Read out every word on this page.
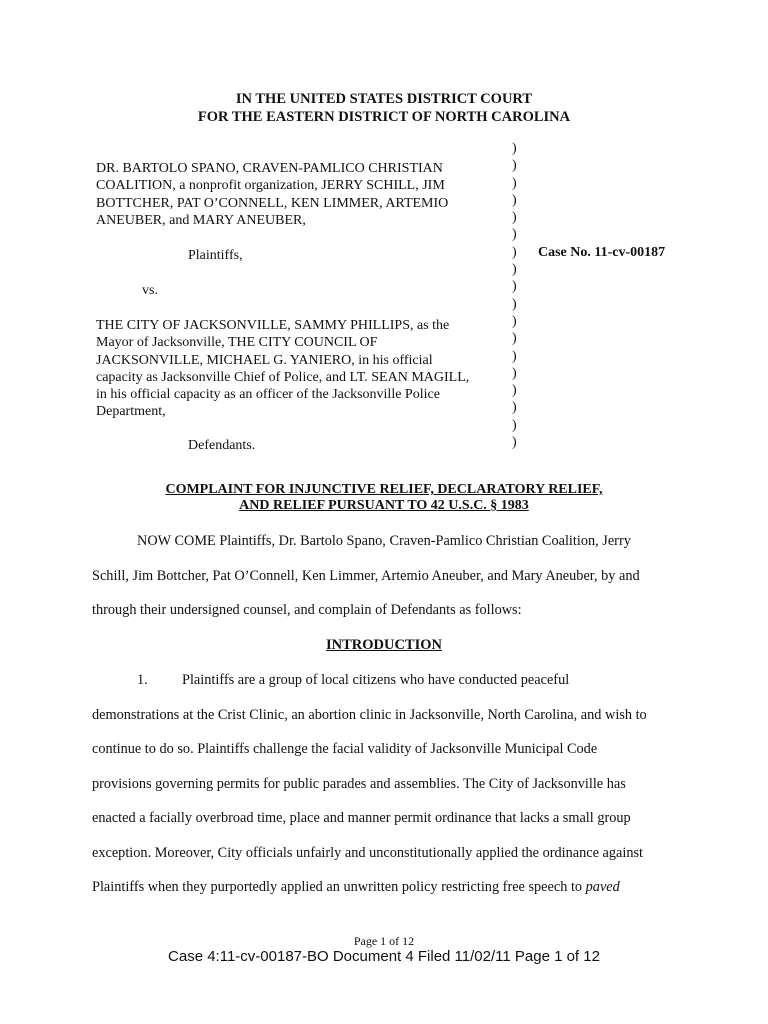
IN THE UNITED STATES DISTRICT COURT
FOR THE EASTERN DISTRICT OF NORTH CAROLINA
DR. BARTOLO SPANO, CRAVEN-PAMLICO CHRISTIAN
COALITION, a nonprofit organization, JERRY SCHILL, JIM
BOTTCHER, PAT O’CONNELL, KEN LIMMER, ARTEMIO
ANEUBER, and MARY ANEUBER,
Plaintiffs,
vs.
THE CITY OF JACKSONVILLE, SAMMY PHILLIPS, as the
Mayor of Jacksonville, THE CITY COUNCIL OF
JACKSONVILLE, MICHAEL G. YANIERO, in his official
capacity as Jacksonville Chief of Police, and LT. SEAN MAGILL,
in his official capacity as an officer of the Jacksonville Police
Department,
Defendants.
)
)
)
)
)
)
)
)
)
)
)
)
)
)
)
)
)
)
Case No. 11-cv-00187
COMPLAINT FOR INJUNCTIVE RELIEF, DECLARATORY RELIEF,
AND RELIEF PURSUANT TO 42 U.S.C. § 1983
NOW COME Plaintiffs, Dr. Bartolo Spano, Craven-Pamlico Christian Coalition, Jerry
Schill, Jim Bottcher, Pat O’Connell, Ken Limmer, Artemio Aneuber, and Mary Aneuber, by and
through their undersigned counsel, and complain of Defendants as follows:
INTRODUCTION
1.	Plaintiffs are a group of local citizens who have conducted peaceful
demonstrations at the Crist Clinic, an abortion clinic in Jacksonville, North Carolina, and wish to
continue to do so. Plaintiffs challenge the facial validity of Jacksonville Municipal Code
provisions governing permits for public parades and assemblies. The City of Jacksonville has
enacted a facially overbroad time, place and manner permit ordinance that lacks a small group
exception. Moreover, City officials unfairly and unconstitutionally applied the ordinance against
Plaintiffs when they purportedly applied an unwritten policy restricting free speech to paved
Page 1 of 12
Case 4:11-cv-00187-BO Document 4 Filed 11/02/11 Page 1 of 12
